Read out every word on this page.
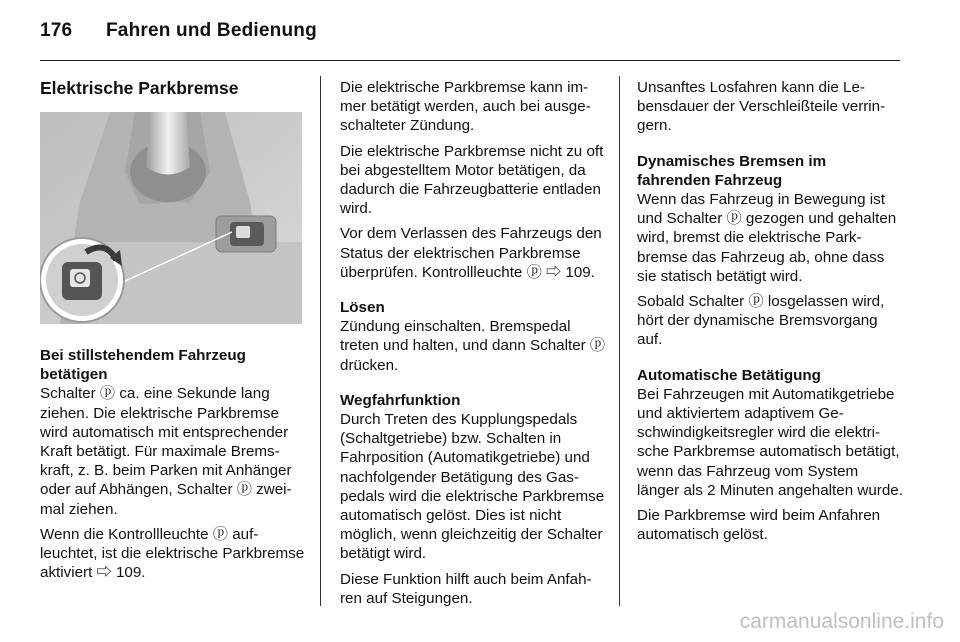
176 Fahren und Bedienung
Elektrische Parkbremse
Bei stillstehendem Fahrzeug betätigen

Schalter ⓟ ca. eine Sekunde lang ziehen. Die elektrische Parkbremse wird automatisch mit entsprechender Kraft betätigt. Für maximale Bremskraft, z. B. beim Parken mit Anhänger oder auf Abhängen, Schalter ⓟ zweimal ziehen.

Wenn die Kontrollleuchte ⓟ aufleuchtet, ist die elektrische Parkbremse aktiviert ⇨ 109.

Die elektrische Parkbremse kann immer betätigt werden, auch bei ausgeschalteter Zündung.

Die elektrische Parkbremse nicht zu oft bei abgestelltem Motor betätigen, da dadurch die Fahrzeugbatterie entladen wird.

Vor dem Verlassen des Fahrzeugs den Status der elektrischen Parkbremse überprüfen. Kontrollleuchte ⓟ ⇨ 109.

Lösen

Zündung einschalten. Bremspedal treten und halten, und dann Schalter ⓟ drücken.

Wegfahrfunktion

Durch Treten des Kupplungspedals (Schaltgetriebe) bzw. Schalten in Fahrposition (Automatikgetriebe) und nachfolgender Betätigung des Gaspedals wird die elektrische Parkbremse automatisch gelöst. Dies ist nicht möglich, wenn gleichzeitig der Schalter betätigt wird.

Diese Funktion hilft auch beim Anfahren auf Steigungen.

Unsanftes Losfahren kann die Lebensdauer der Verschleißteile verringern.

Dynamisches Bremsen im fahrenden Fahrzeug

Wenn das Fahrzeug in Bewegung ist und Schalter ⓟ gezogen und gehalten wird, bremst die elektrische Parkbremse das Fahrzeug ab, ohne dass sie statisch betätigt wird.

Sobald Schalter ⓟ losgelassen wird, hört der dynamische Bremsvorgang auf.

Automatische Betätigung

Bei Fahrzeugen mit Automatikgetriebe und aktiviertem adaptivem Geschwindigkeitsregler wird die elektrische Parkbremse automatisch betätigt, wenn das Fahrzeug vom System länger als 2 Minuten angehalten wurde.

Die Parkbremse wird beim Anfahren automatisch gelöst.

carmanualsonline.info
